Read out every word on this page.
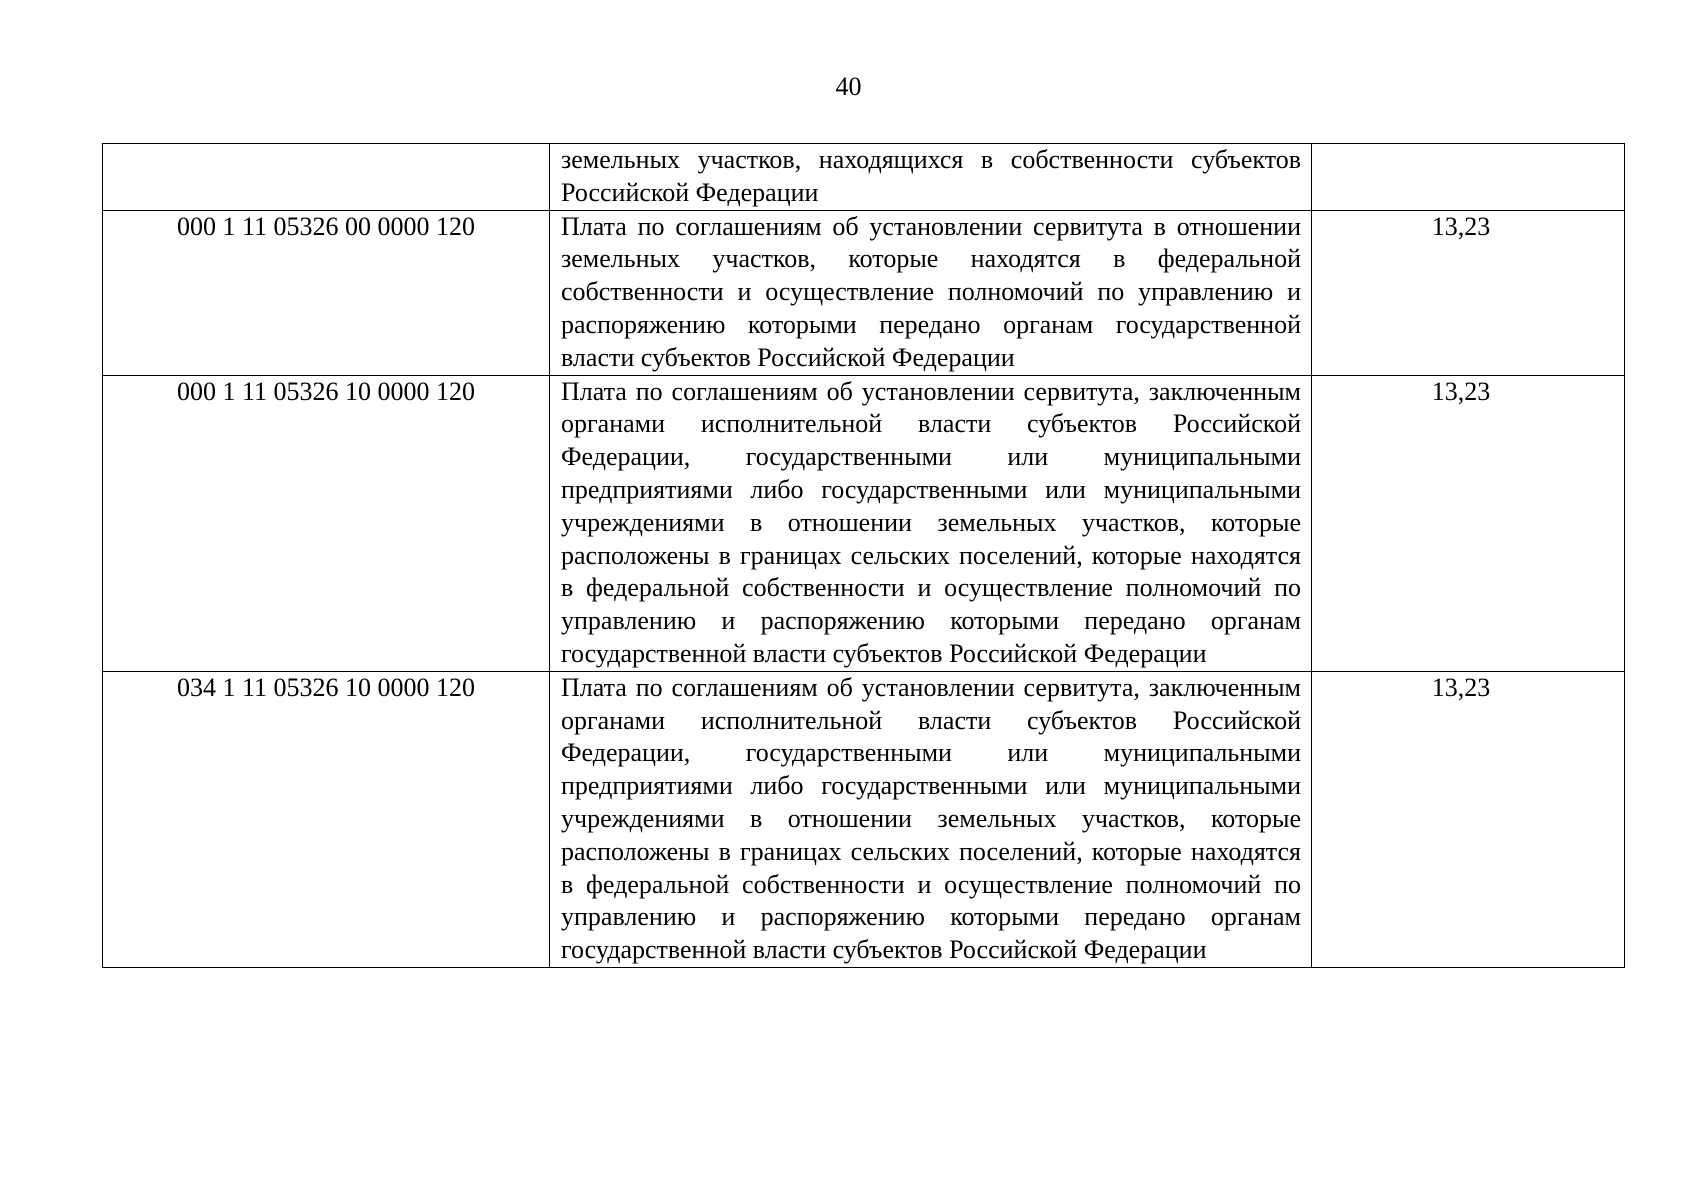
40

	земельных участков, находящихся в собственности субъектов Российской Федерации	

000 1 11 05326 00 0000 120	Плата по соглашениям об установлении сервитута в отношении земельных участков, которые находятся в федеральной собственности и осуществление полномочий по управлению и распоряжению которыми передано органам государственной власти субъектов Российской Федерации	13,23

000 1 11 05326 10 0000 120	Плата по соглашениям об установлении сервитута, заключенным органами исполнительной власти субъектов Российской Федерации, государственными или муниципальными предприятиями либо государственными или муниципальными учреждениями в отношении земельных участков, которые расположены в границах сельских поселений, которые находятся в федеральной собственности и осуществление полномочий по управлению и распоряжению которыми передано органам государственной власти субъектов Российской Федерации	13,23

034 1 11 05326 10 0000 120	Плата по соглашениям об установлении сервитута, заключенным органами исполнительной власти субъектов Российской Федерации, государственными или муниципальными предприятиями либо государственными или муниципальными учреждениями в отношении земельных участков, которые расположены в границах сельских поселений, которые находятся в федеральной собственности и осуществление полномочий по управлению и распоряжению которыми передано органам государственной власти субъектов Российской Федерации	13,23
